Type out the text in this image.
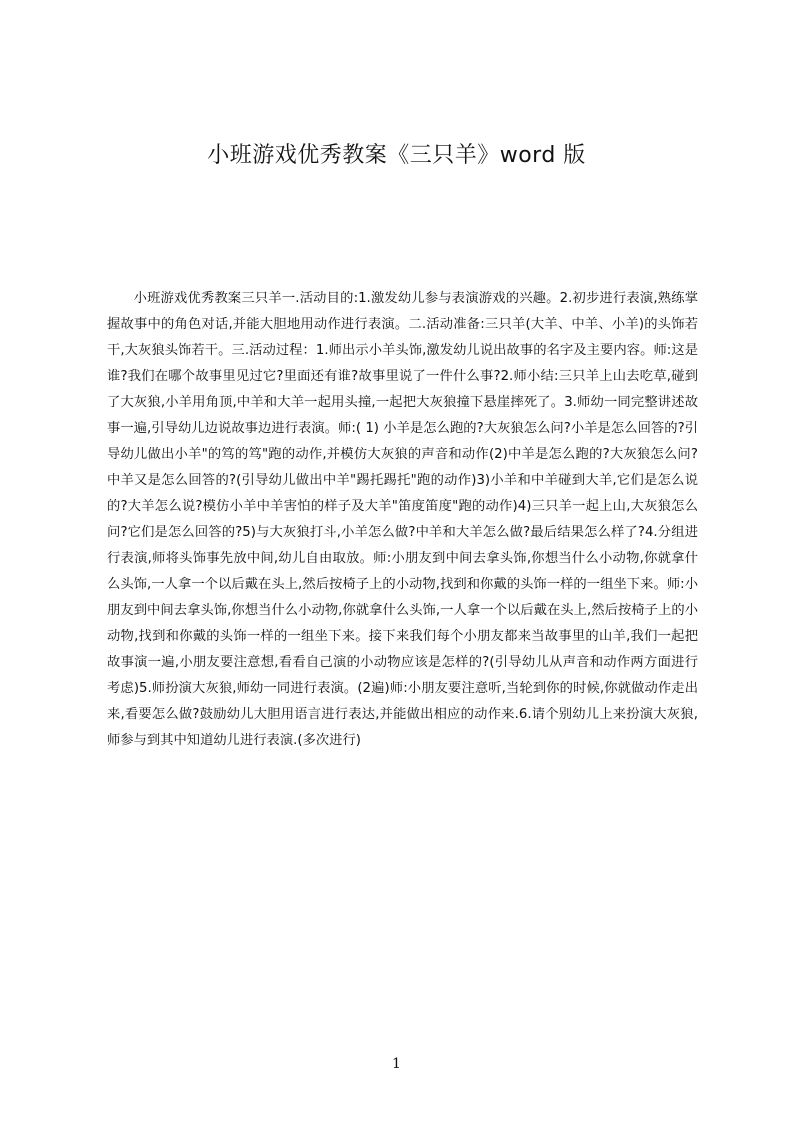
小班游戏优秀教案《三只羊》word 版

小班游戏优秀教案三只羊一.活动目的:1.激发幼儿参与表演游戏的兴趣。2.初步进行表演,熟练掌握故事中的角色对话,并能大胆地用动作进行表演。二.活动准备:三只羊(大羊、中羊、小羊)的头饰若干,大灰狼头饰若干。三.活动过程：1.师出示小羊头饰,激发幼儿说出故事的名字及主要内容。师:这是谁?我们在哪个故事里见过它?里面还有谁?故事里说了一件什么事?2.师小结:三只羊上山去吃草,碰到了大灰狼,小羊用角顶,中羊和大羊一起用头撞,一起把大灰狼撞下悬崖摔死了。3.师幼一同完整讲述故事一遍,引导幼儿边说故事边进行表演。师:( 1) 小羊是怎么跑的?大灰狼怎么问?小羊是怎么回答的?引导幼儿做出小羊"的笃的笃"跑的动作,并模仿大灰狼的声音和动作(2)中羊是怎么跑的?大灰狼怎么问?中羊又是怎么回答的?(引导幼儿做出中羊"踢托踢托"跑的动作)3)小羊和中羊碰到大羊,它们是怎么说的?大羊怎么说?模仿小羊中羊害怕的样子及大羊"笛度笛度"跑的动作)4)三只羊一起上山,大灰狼怎么问?它们是怎么回答的?5)与大灰狼打斗,小羊怎么做?中羊和大羊怎么做?最后结果怎么样了?4.分组进行表演,师将头饰事先放中间,幼儿自由取放。师:小朋友到中间去拿头饰,你想当什么小动物,你就拿什么头饰,一人拿一个以后戴在头上,然后按椅子上的小动物,找到和你戴的头饰一样的一组坐下来。师:小朋友到中间去拿头饰,你想当什么小动物,你就拿什么头饰,一人拿一个以后戴在头上,然后按椅子上的小动物,找到和你戴的头饰一样的一组坐下来。接下来我们每个小朋友都来当故事里的山羊,我们一起把故事演一遍,小朋友要注意想,看看自己演的小动物应该是怎样的?(引导幼儿从声音和动作两方面进行考虑)5.师扮演大灰狼,师幼一同进行表演。(2遍)师:小朋友要注意听,当轮到你的时候,你就做动作走出来,看要怎么做?鼓励幼儿大胆用语言进行表达,并能做出相应的动作来.6.请个别幼儿上来扮演大灰狼,师参与到其中知道幼儿进行表演.(多次进行)

1
